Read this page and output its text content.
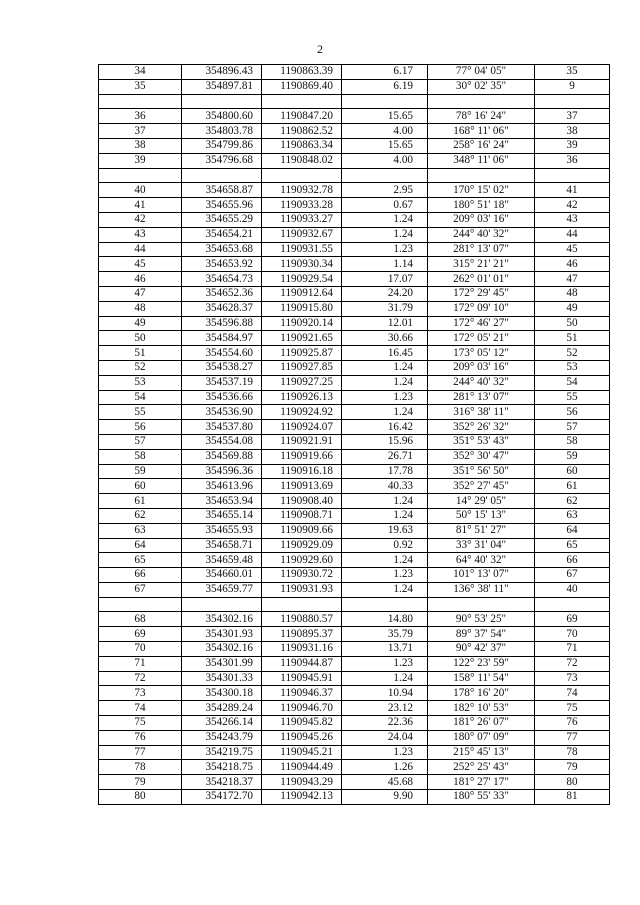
2
34	354896.43	1190863.39	6.17	77° 04' 05"	35
35	354897.81	1190869.40	6.19	30° 02' 35"	9

36	354800.60	1190847.20	15.65	78° 16' 24"	37
37	354803.78	1190862.52	4.00	168° 11' 06"	38
38	354799.86	1190863.34	15.65	258° 16' 24"	39
39	354796.68	1190848.02	4.00	348° 11' 06"	36

40	354658.87	1190932.78	2.95	170° 15' 02"	41
41	354655.96	1190933.28	0.67	180° 51' 18"	42
42	354655.29	1190933.27	1.24	209° 03' 16"	43
43	354654.21	1190932.67	1.24	244° 40' 32"	44
44	354653.68	1190931.55	1.23	281° 13' 07"	45
45	354653.92	1190930.34	1.14	315° 21' 21"	46
46	354654.73	1190929.54	17.07	262° 01' 01"	47
47	354652.36	1190912.64	24.20	172° 29' 45"	48
48	354628.37	1190915.80	31.79	172° 09' 10"	49
49	354596.88	1190920.14	12.01	172° 46' 27"	50
50	354584.97	1190921.65	30.66	172° 05' 21"	51
51	354554.60	1190925.87	16.45	173° 05' 12"	52
52	354538.27	1190927.85	1.24	209° 03' 16"	53
53	354537.19	1190927.25	1.24	244° 40' 32"	54
54	354536.66	1190926.13	1.23	281° 13' 07"	55
55	354536.90	1190924.92	1.24	316° 38' 11"	56
56	354537.80	1190924.07	16.42	352° 26' 32"	57
57	354554.08	1190921.91	15.96	351° 53' 43"	58
58	354569.88	1190919.66	26.71	352° 30' 47"	59
59	354596.36	1190916.18	17.78	351° 56' 50"	60
60	354613.96	1190913.69	40.33	352° 27' 45"	61
61	354653.94	1190908.40	1.24	14° 29' 05"	62
62	354655.14	1190908.71	1.24	50° 15' 13"	63
63	354655.93	1190909.66	19.63	81° 51' 27"	64
64	354658.71	1190929.09	0.92	33° 31' 04"	65
65	354659.48	1190929.60	1.24	64° 40' 32"	66
66	354660.01	1190930.72	1.23	101° 13' 07"	67
67	354659.77	1190931.93	1.24	136° 38' 11"	40

68	354302.16	1190880.57	14.80	90° 53' 25"	69
69	354301.93	1190895.37	35.79	89° 37' 54"	70
70	354302.16	1190931.16	13.71	90° 42' 37"	71
71	354301.99	1190944.87	1.23	122° 23' 59"	72
72	354301.33	1190945.91	1.24	158° 11' 54"	73
73	354300.18	1190946.37	10.94	178° 16' 20"	74
74	354289.24	1190946.70	23.12	182° 10' 53"	75
75	354266.14	1190945.82	22.36	181° 26' 07"	76
76	354243.79	1190945.26	24.04	180° 07' 09"	77
77	354219.75	1190945.21	1.23	215° 45' 13"	78
78	354218.75	1190944.49	1.26	252° 25' 43"	79
79	354218.37	1190943.29	45.68	181° 27' 17"	80
80	354172.70	1190942.13	9.90	180° 55' 33"	81
